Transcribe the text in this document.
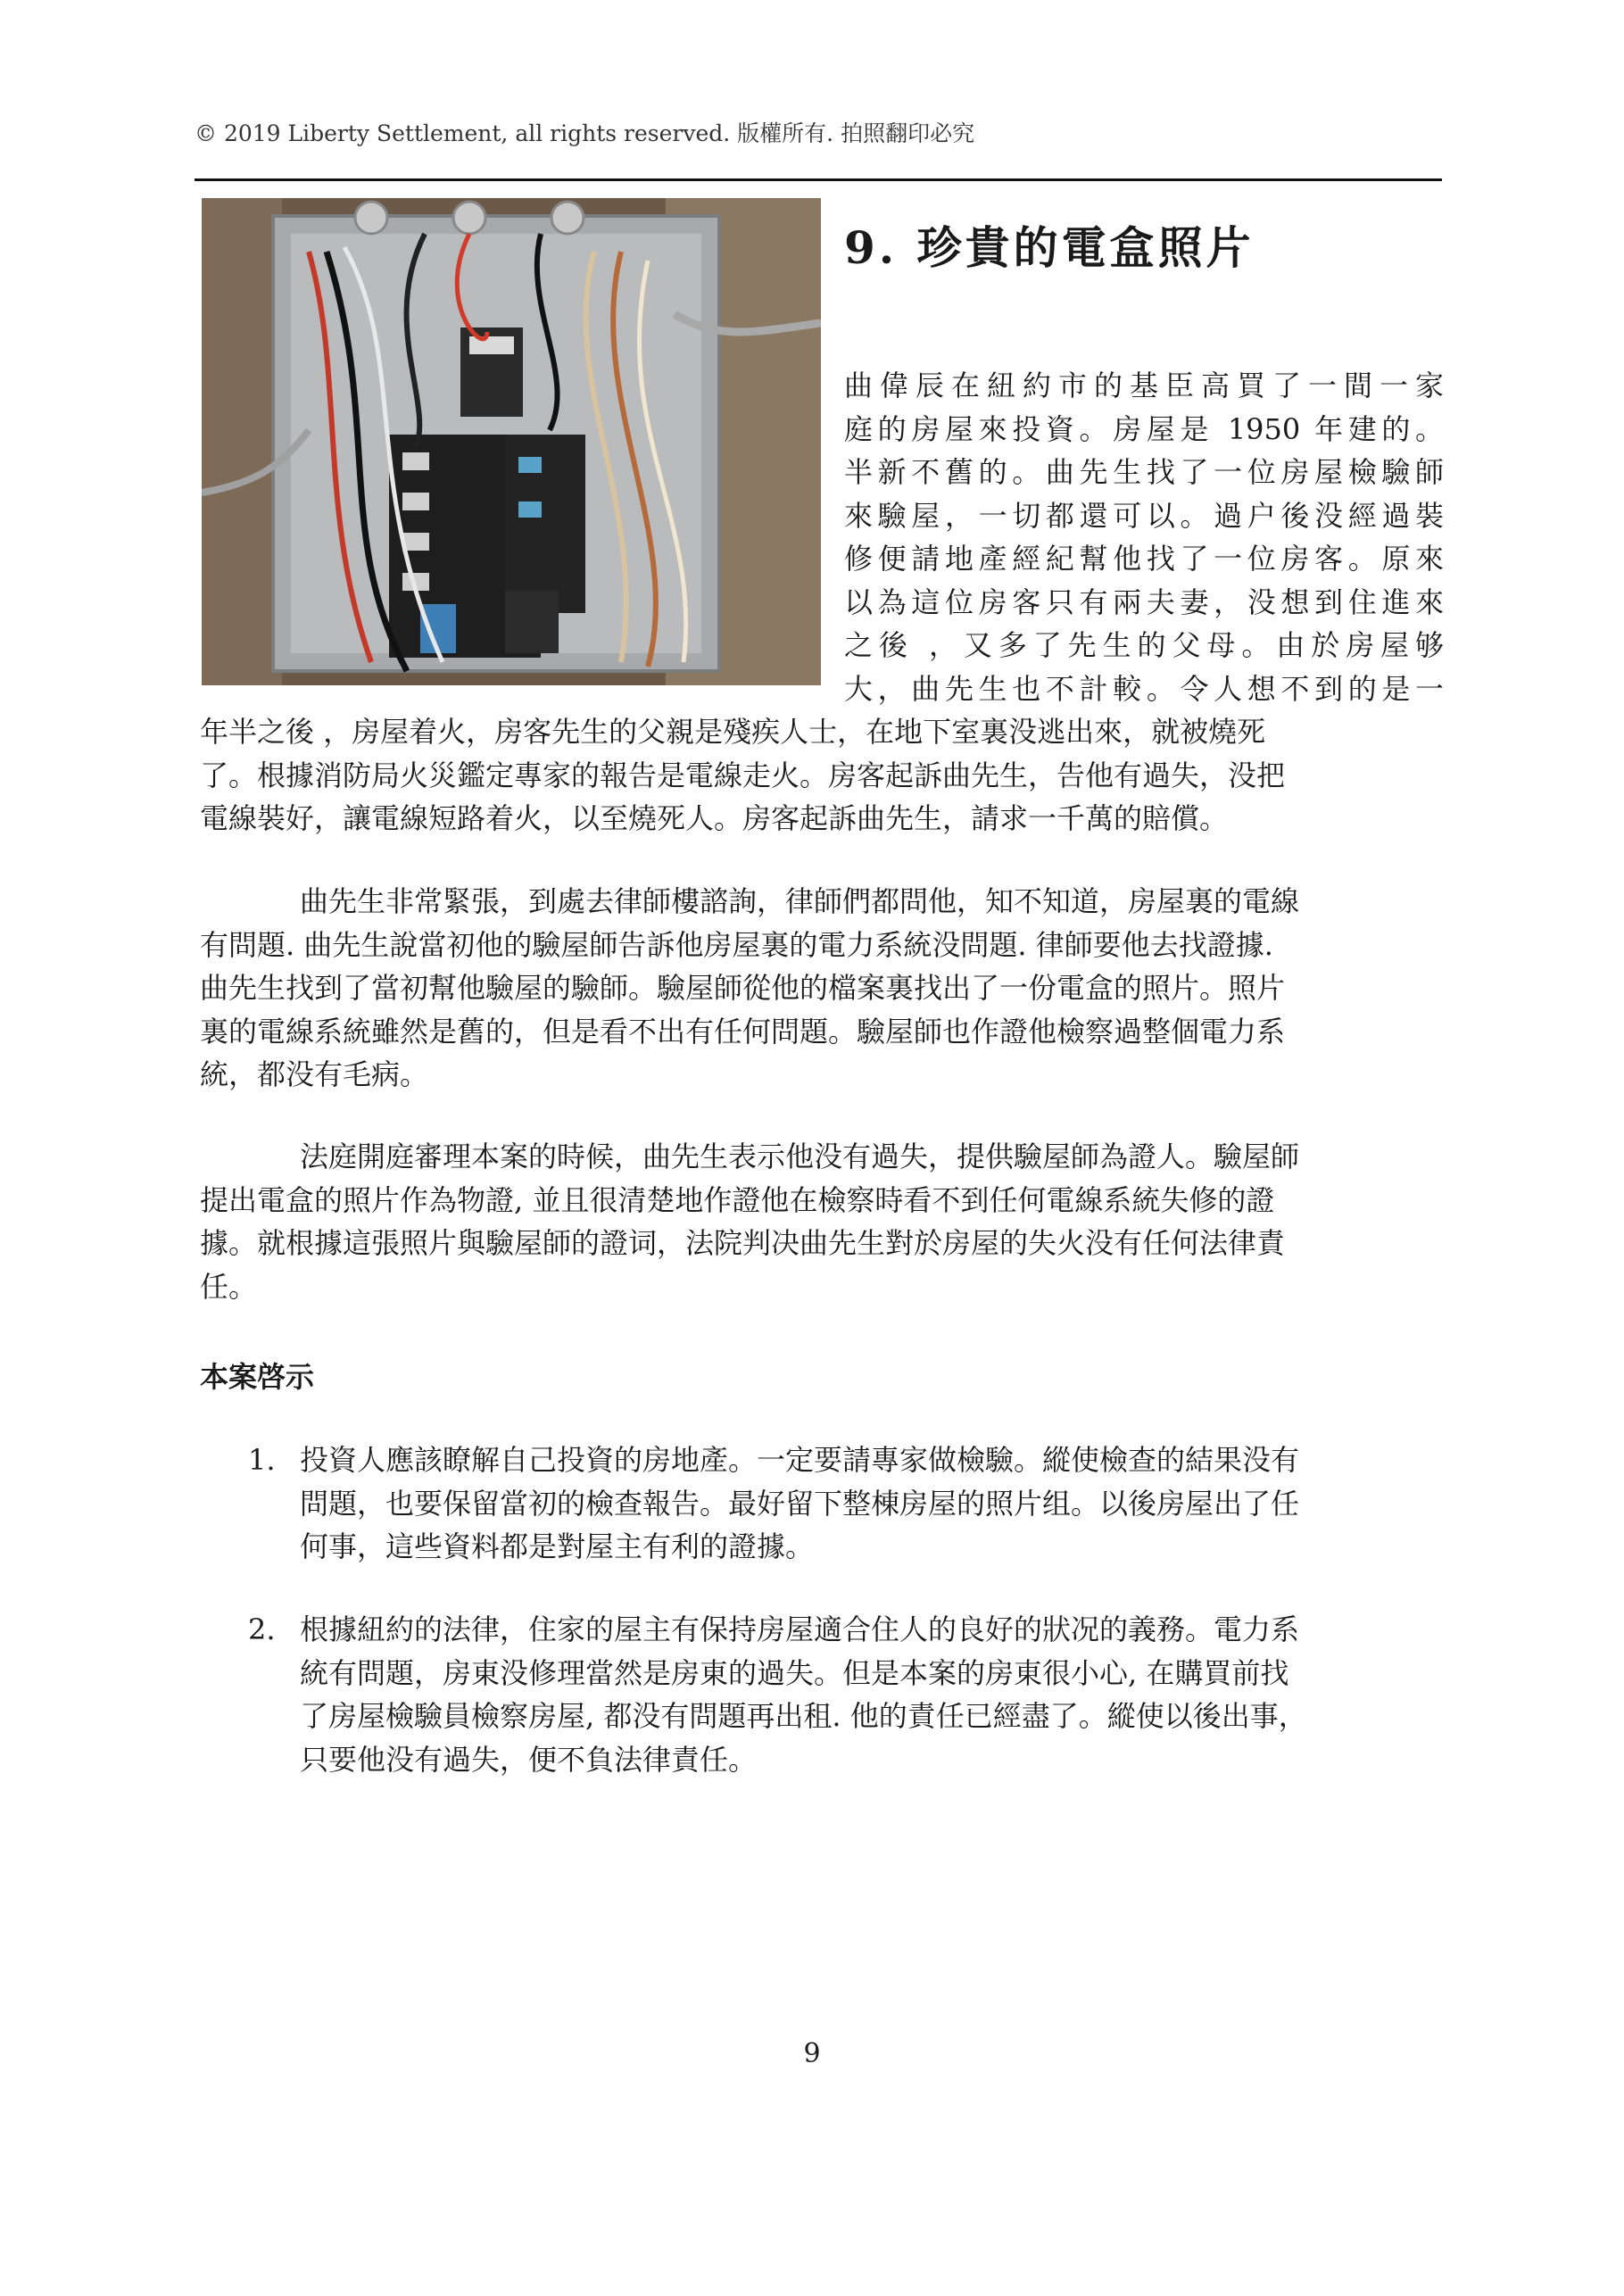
© 2019 Liberty Settlement, all rights reserved. 版權所有. 拍照翻印必究
9. 珍貴的電盒照片
曲偉辰在紐約市的基臣高買了一間一家
庭的房屋來投資。房屋是 1950 年建的。
半新不舊的。曲先生找了一位房屋檢驗師
來驗屋，一切都還可以。過户後没經過裝
修便請地產經紀幫他找了一位房客。原來
以為這位房客只有兩夫妻，没想到住進來
之後 ，又多了先生的父母。由於房屋够
大，曲先生也不計較。令人想不到的是一
年半之後 ，房屋着火，房客先生的父親是殘疾人士，在地下室裏没逃出來，就被燒死
了。根據消防局火災鑑定專家的報告是電線走火。房客起訴曲先生，告他有過失，没把
電線裝好，讓電線短路着火，以至燒死人。房客起訴曲先生，請求一千萬的賠償。
曲先生非常緊張，到處去律師樓諮詢，律師們都問他，知不知道，房屋裏的電線
有問題. 曲先生說當初他的驗屋師告訴他房屋裏的電力系統没問題. 律師要他去找證據.
曲先生找到了當初幫他驗屋的驗師。驗屋師從他的檔案裏找出了一份電盒的照片。照片
裏的電線系統雖然是舊的，但是看不出有任何問題。驗屋師也作證他檢察過整個電力系
統，都没有毛病。
法庭開庭審理本案的時候，曲先生表示他没有過失，提供驗屋師為證人。驗屋師
提出電盒的照片作為物證, 並且很清楚地作證他在檢察時看不到任何電線系統失修的證
據。就根據這張照片與驗屋師的證词，法院判决曲先生對於房屋的失火没有任何法律責
任。
本案啓示
1. 投資人應該瞭解自己投資的房地產。一定要請專家做檢驗。縱使檢查的結果没有
問題，也要保留當初的檢查報告。最好留下整棟房屋的照片组。以後房屋出了任
何事，這些資料都是對屋主有利的證據。
2. 根據紐約的法律，住家的屋主有保持房屋適合住人的良好的狀况的義務。電力系
統有問題，房東没修理當然是房東的過失。但是本案的房東很小心, 在購買前找
了房屋檢驗員檢察房屋, 都没有問題再出租. 他的責任已經盡了。縱使以後出事，
只要他没有過失，便不負法律責任。
9
